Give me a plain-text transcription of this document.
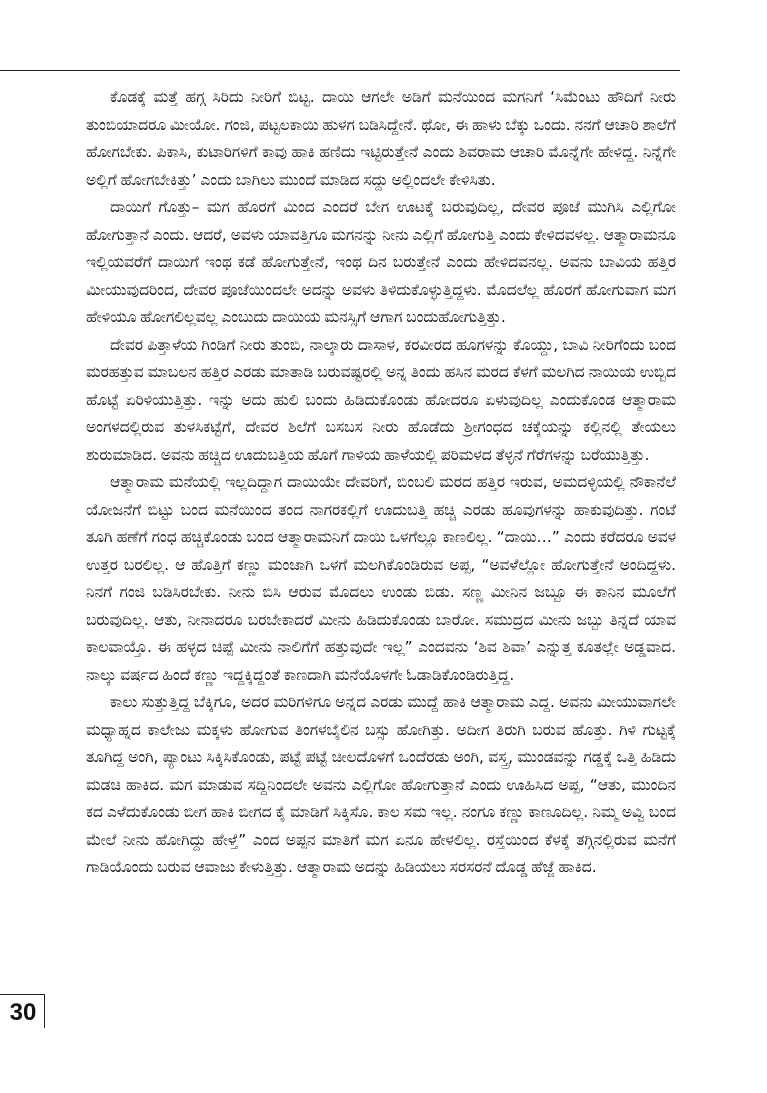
ಕೊಡಕ್ಕೆ ಮತ್ತೆ ಹಗ್ಗ ಸಿರಿದು ನೀರಿಗೆ ಬಿಟ್ಟ. ದಾಯಿ ಆಗಲೇ ಅಡಿಗೆ ಮನೆಯಿಂದ ಮಗನಿಗೆ ‘ಸಿಮೆಂಟು ಹೌದಿಗೆ ನೀರು ತುಂಬಿಯಾದರೂ ಮೀಯೋ. ಗಂಜಿ, ಪಟ್ಟಲಕಾಯಿ ಹುಳಗ ಬಡಿಸಿದ್ದೇನೆ. ಥೋ, ಈ ಹಾಳು ಬೆಕ್ಕು ಒಂದು. ನನಗೆ ಆಚಾರಿ ಶಾಲೆಗೆ ಹೋಗಬೇಕು. ಪಿಕಾಸಿ, ಕುಟಾರಿಗಳಿಗೆ ಕಾವು ಹಾಕಿ ಹಣಿದು ಇಟ್ಟಿರುತ್ತೇನೆ ಎಂದು ಶಿವರಾಮ ಆಚಾರಿ ಮೊನ್ನೆಗೇ ಹೇಳಿದ್ದ. ನಿನ್ನೆಗೇ ಅಲ್ಲಿಗೆ ಹೋಗಬೇಕಿತ್ತು’ ಎಂದು ಬಾಗಿಲು ಮುಂದೆ ಮಾಡಿದ ಸದ್ದು ಅಲ್ಲಿಂದಲೇ ಕೇಳಿಸಿತು.

ದಾಯಿಗೆ ಗೊತ್ತು– ಮಗ ಹೊರಗೆ ಮಿಂದ ಎಂದರೆ ಬೇಗ ಊಟಕ್ಕೆ ಬರುವುದಿಲ್ಲ, ದೇವರ ಪೂಜೆ ಮುಗಿಸಿ ಎಲ್ಲಿಗೋ ಹೋಗುತ್ತಾನೆ ಎಂದು. ಆದರೆ, ಅವಳು ಯಾವತ್ತಿಗೂ ಮಗನನ್ನು ನೀನು ಎಲ್ಲಿಗೆ ಹೋಗುತ್ತಿ ಎಂದು ಕೇಳಿದವಳಲ್ಲ. ಆತ್ಮಾರಾಮನೂ ಇಲ್ಲಿಯವರೆಗೆ ದಾಯಿಗೆ ಇಂಥ ಕಡೆ ಹೋಗುತ್ತೇನೆ, ಇಂಥ ದಿನ ಬರುತ್ತೇನೆ ಎಂದು ಹೇಳಿದವನಲ್ಲ. ಅವನು ಬಾವಿಯ ಹತ್ತಿರ ಮೀಯುವುದರಿಂದ, ದೇವರ ಪೂಜೆಯಿಂದಲೇ ಅದನ್ನು ಅವಳು ತಿಳಿದುಕೊಳ್ಳುತ್ತಿದ್ದಳು. ಮೊದಲೆಲ್ಲ ಹೊರಗೆ ಹೋಗುವಾಗ ಮಗ ಹೇಳಿಯೂ ಹೋಗಲಿಲ್ಲವಲ್ಲ ಎಂಬುದು ದಾಯಿಯ ಮನಸ್ಸಿಗೆ ಆಗಾಗ ಬಂದುಹೋಗುತ್ತಿತ್ತು.

ದೇವರ ಪಿತ್ತಾಳೆಯ ಗಿಂಡಿಗೆ ನೀರು ತುಂಬಿ, ನಾಲ್ಕಾರು ದಾಸಾಳ, ಕರವೀರದ ಹೂಗಳನ್ನು ಕೊಯ್ದು, ಬಾವಿ ನೀರಿಗೆಂದು ಬಂದ ಮರಹತ್ತುವ ಮಾಬಲನ ಹತ್ತಿರ ಎರಡು ಮಾತಾಡಿ ಬರುವಷ್ಟರಲ್ಲಿ ಅನ್ನ ತಿಂದು ಹಸಿನ ಮರದ ಕೆಳಗೆ ಮಲಗಿದ ನಾಯಿಯ ಉಬ್ಬಿದ ಹೊಟ್ಟೆ ಏರಿಳಿಯುತ್ತಿತ್ತು. ಇನ್ನು ಅದು ಹುಲಿ ಬಂದು ಹಿಡಿದುಕೊಂಡು ಹೋದರೂ ಏಳುವುದಿಲ್ಲ ಎಂದುಕೊಂಡ ಆತ್ಮಾರಾಮ ಅಂಗಳದಲ್ಲಿರುವ ತುಳಸಿಕಟ್ಟೆಗೆ, ದೇವರ ಶಿಲೆಗೆ ಬಸಬಸ ನೀರು ಹೊಡೆದು ಶ್ರೀಗಂಧದ ಚಕ್ಕೆಯನ್ನು ಕಲ್ಲಿನಲ್ಲಿ ತೇಯಲು ಶುರುಮಾಡಿದ. ಅವನು ಹಚ್ಚಿದ ಊದುಬತ್ತಿಯ ಹೊಗೆ ಗಾಳಿಯ ಹಾಳೆಯಲ್ಲಿ ಪರಿಮಳದ ತೆಳ್ಳನೆ ಗೆರೆಗಳನ್ನು ಬರೆಯುತ್ತಿತ್ತು.

ಆತ್ಮಾರಾಮ ಮನೆಯಲ್ಲಿ ಇಲ್ಲದಿದ್ದಾಗ ದಾಯಿಯೇ ದೇವರಿಗೆ, ಬಿಂಬಲಿ ಮರದ ಹತ್ತಿರ ಇರುವ, ಅಮದಳ್ಳಿಯಲ್ಲಿ ನೌಕಾನೆಲೆ ಯೋಜನೆಗೆ ಬಿಟ್ಟು ಬಂದ ಮನೆಯಿಂದ ತಂದ ನಾಗರಕಲ್ಲಿಗೆ ಊದುಬತ್ತಿ ಹಚ್ಚಿ ಎರಡು ಹೂವುಗಳನ್ನು ಹಾಕುವುದಿತ್ತು. ಗಂಟೆ ತೂಗಿ ಹಣೆಗೆ ಗಂಧ ಹಚ್ಚಿಕೊಂಡು ಬಂದ ಆತ್ಮಾರಾಮನಿಗೆ ದಾಯಿ ಒಳಗೆಲ್ಲೂ ಕಾಣಲಿಲ್ಲ. “ದಾಯಿ…” ಎಂದು ಕರೆದರೂ ಅವಳ ಉತ್ತರ ಬರಲಿಲ್ಲ. ಆ ಹೊತ್ತಿಗೆ ಕಣ್ಣು ಮಂಜಾಗಿ ಒಳಗೆ ಮಲಗಿಕೊಂಡಿರುವ ಅಪ್ಪ, “ಅವಳೆಲ್ಲೋ ಹೋಗುತ್ತೇನೆ ಅಂದಿದ್ದಳು. ನಿನಗೆ ಗಂಜಿ ಬಡಿಸಿರಬೇಕು. ನೀನು ಬಿಸಿ ಆರುವ ಮೊದಲು ಉಂಡು ಬಿಡು. ಸಣ್ಣ ಮೀನಿನ ಜಬ್ಬೂ ಈ ಕಾನಿನ ಮೂಲೆಗೆ ಬರುವುದಿಲ್ಲ. ಆತು, ನೀನಾದರೂ ಬರಬೇಕಾದರೆ ಮೀನು ಹಿಡಿದುಕೊಂಡು ಬಾರೋ. ಸಮುದ್ರದ ಮೀನು ಜಬ್ಬು ತಿನ್ನದೆ ಯಾವ ಕಾಲವಾಯ್ತೊ. ಈ ಹಳ್ಳದ ಚಿಪ್ಪೆ ಮೀನು ನಾಲಿಗೆಗೆ ಹತ್ತುವುದೇ ಇಲ್ಲ” ಎಂದವನು ‘ಶಿವ ಶಿವಾ’ ಎನ್ನುತ್ತ ಕೂತಲ್ಲೇ ಅಡ್ಡವಾದ. ನಾಲ್ಕು ವರ್ಷದ ಹಿಂದೆ ಕಣ್ಣು ಇದ್ದಕ್ಕಿದ್ದಂತೆ ಕಾಣದಾಗಿ ಮನೆಯೊಳಗೇ ಓಡಾಡಿಕೊಂಡಿರುತ್ತಿದ್ದ.

ಕಾಲು ಸುತ್ತುತ್ತಿದ್ದ ಬೆಕ್ಕಿಗೂ, ಅದರ ಮರಿಗಳಿಗೂ ಅನ್ನದ ಎರಡು ಮುದ್ದೆ ಹಾಕಿ ಆತ್ಮಾರಾಮ ಎದ್ದ. ಅವನು ಮೀಯುವಾಗಲೇ ಮಧ್ಯಾಹ್ನದ ಕಾಲೇಜು ಮಕ್ಕಳು ಹೋಗುವ ತಿಂಗಳಬೈಲಿನ ಬಸ್ಸು ಹೋಗಿತ್ತು. ಅದೀಗ ತಿರುಗಿ ಬರುವ ಹೊತ್ತು. ಗಿಳಿ ಗುಟ್ಟಕ್ಕೆ ತೂಗಿದ್ದ ಅಂಗಿ, ಪ್ಯಾಂಟು ಸಿಕ್ಕಿಸಿಕೊಂಡು, ಪಟ್ಟೆ ಪಟ್ಟೆ ಚೀಲದೊಳಗೆ ಒಂದೆರಡು ಅಂಗಿ, ವಸ್ತ್ರ, ಮುಂಡವನ್ನು ಗಡ್ಡಕ್ಕೆ ಒತ್ತಿ ಹಿಡಿದು ಮಡಚಿ ಹಾಕಿದ. ಮಗ ಮಾಡುವ ಸದ್ದಿನಿಂದಲೇ ಅವನು ಎಲ್ಲಿಗೋ ಹೋಗುತ್ತಾನೆ ಎಂದು ಊಹಿಸಿದ ಅಪ್ಪ, “ಆತು, ಮುಂದಿನ ಕದ ಎಳೆದುಕೊಂಡು ಬೀಗ ಹಾಕಿ ಬೀಗದ ಕೈ ಮಾಡಿಗೆ ಸಿಕ್ಕಿಸೊ. ಕಾಲ ಸಮ ಇಲ್ಲ. ನಂಗೂ ಕಣ್ಣು ಕಾಣೂದಿಲ್ಲ. ನಿಮ್ಮ ಅವ್ವಿ ಬಂದ ಮೇಲೆ ನೀನು ಹೋಗಿದ್ದು ಹೇಳ್ತೆ” ಎಂದ ಅಪ್ಪನ ಮಾತಿಗೆ ಮಗ ಏನೂ ಹೇಳಲಿಲ್ಲ. ರಸ್ತೆಯಿಂದ ಕೆಳಕ್ಕೆ ತಗ್ಗಿನಲ್ಲಿರುವ ಮನೆಗೆ ಗಾಡಿಯೊಂದು ಬರುವ ಆವಾಜು ಕೇಳುತ್ತಿತ್ತು. ಆತ್ಮಾರಾಮ ಅದನ್ನು ಹಿಡಿಯಲು ಸರಸರನೆ ದೊಡ್ಡ ಹೆಜ್ಜೆ ಹಾಕಿದ.

30
